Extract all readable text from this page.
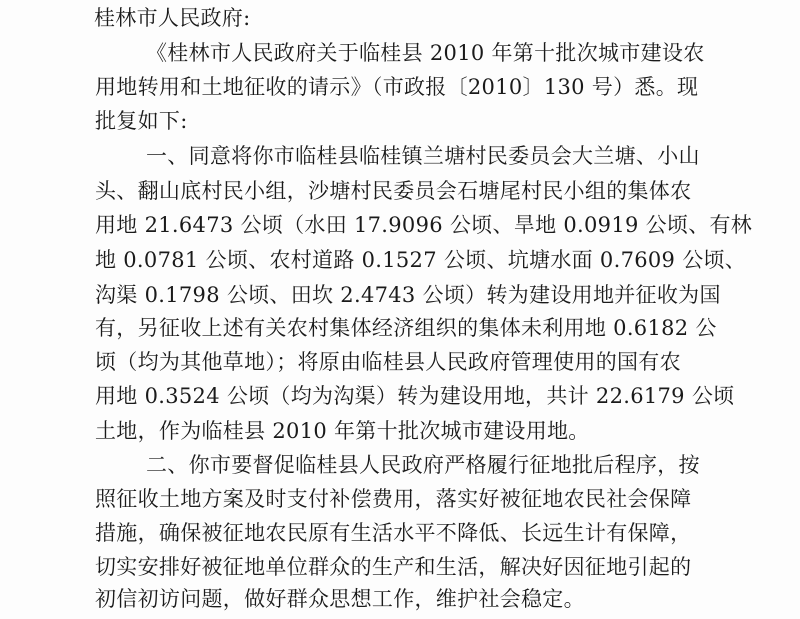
桂林市人民政府:
《桂林市人民政府关于临桂县 2010 年第十批次城市建设农
用地转用和土地征收的请示》（市政报〔2010〕130 号）悉。现
批复如下:
一、同意将你市临桂县临桂镇兰塘村民委员会大兰塘、小山
头、翻山底村民小组，沙塘村民委员会石塘尾村民小组的集体农
用地 21.6473 公顷（水田 17.9096 公顷、旱地 0.0919 公顷、有林
地 0.0781 公顷、农村道路 0.1527 公顷、坑塘水面 0.7609 公顷、
沟渠 0.1798 公顷、田坎 2.4743 公顷）转为建设用地并征收为国
有，另征收上述有关农村集体经济组织的集体未利用地 0.6182 公
顷（均为其他草地）；将原由临桂县人民政府管理使用的国有农
用地 0.3524 公顷（均为沟渠）转为建设用地，共计 22.6179 公顷
土地，作为临桂县 2010 年第十批次城市建设用地。
二、你市要督促临桂县人民政府严格履行征地批后程序，按
照征收土地方案及时支付补偿费用，落实好被征地农民社会保障
措施，确保被征地农民原有生活水平不降低、长远生计有保障，
切实安排好被征地单位群众的生产和生活，解决好因征地引起的
初信初访问题，做好群众思想工作，维护社会稳定。
